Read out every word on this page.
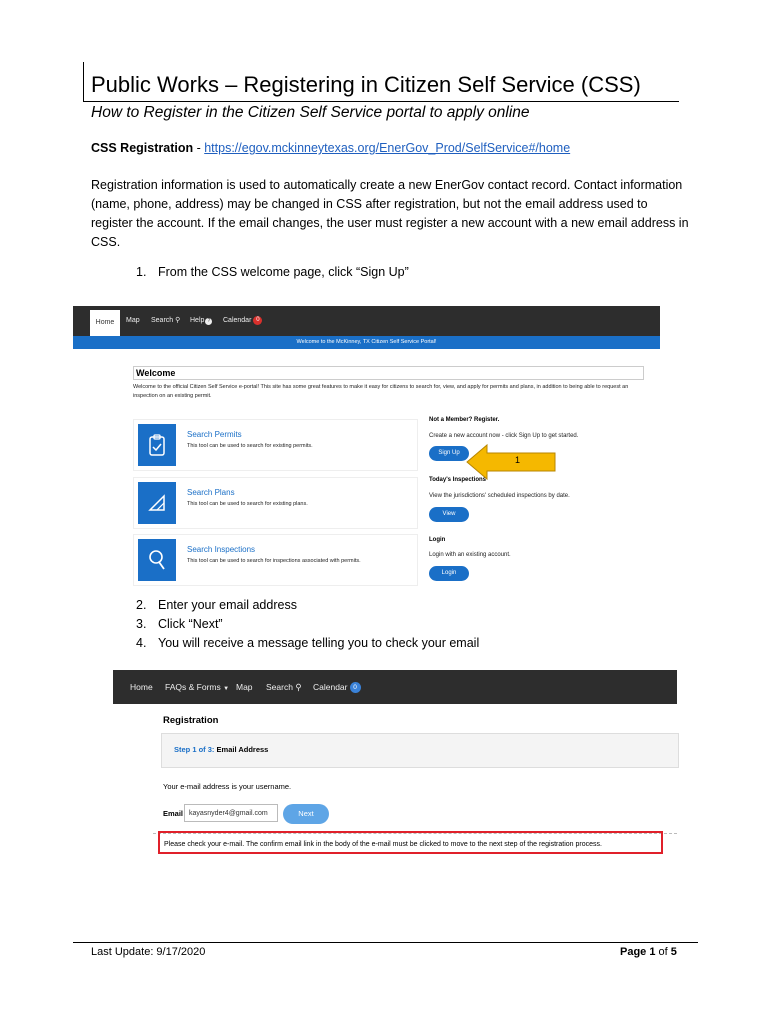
Public Works – Registering in Citizen Self Service (CSS)
How to Register in the Citizen Self Service portal to apply online
CSS Registration - https://egov.mckinneytexas.org/EnerGov_Prod/SelfService#/home
Registration information is used to automatically create a new EnerGov contact record. Contact information (name, phone, address) may be changed in CSS after registration, but not the email address used to register the account. If the email changes, the user must register a new account with a new email address in CSS.
1. From the CSS welcome page, click “Sign Up”
Home	Map Search ⚲ Help ?	Calendar 0
Welcome to the McKinney, TX Citizen Self Service Portal!
Welcome
Welcome to the official Citizen Self Service e-portal! This site has some great features to make it easy for citizens to search for, view, and apply for permits and plans, in addition to being able to request an inspection on an existing permit.
Search Permits
This tool can be used to search for existing permits.
Search Plans
This tool can be used to search for existing plans.
Search Inspections
This tool can be used to search for inspections associated with permits.
Not a Member? Register.
Create a new account now - click Sign Up to get started.
Sign Up
Today's Inspections
View the jurisdictions' scheduled inspections by date.
View
Login
Login with an existing account.
Login
1
2. Enter your email address
3. Click “Next”
4. You will receive a message telling you to check your email
Home FAQs & Forms ▼ Map Search ⚲ Calendar 0
Registration
Step 1 of 3: Email Address
Your e-mail address is your username.
Email kayasnyder4@gmail.com	Next
Please check your e-mail. The confirm email link in the body of the e-mail must be clicked to move to the next step of the registration process.
Last Update: 9/17/2020	Page 1 of 5
